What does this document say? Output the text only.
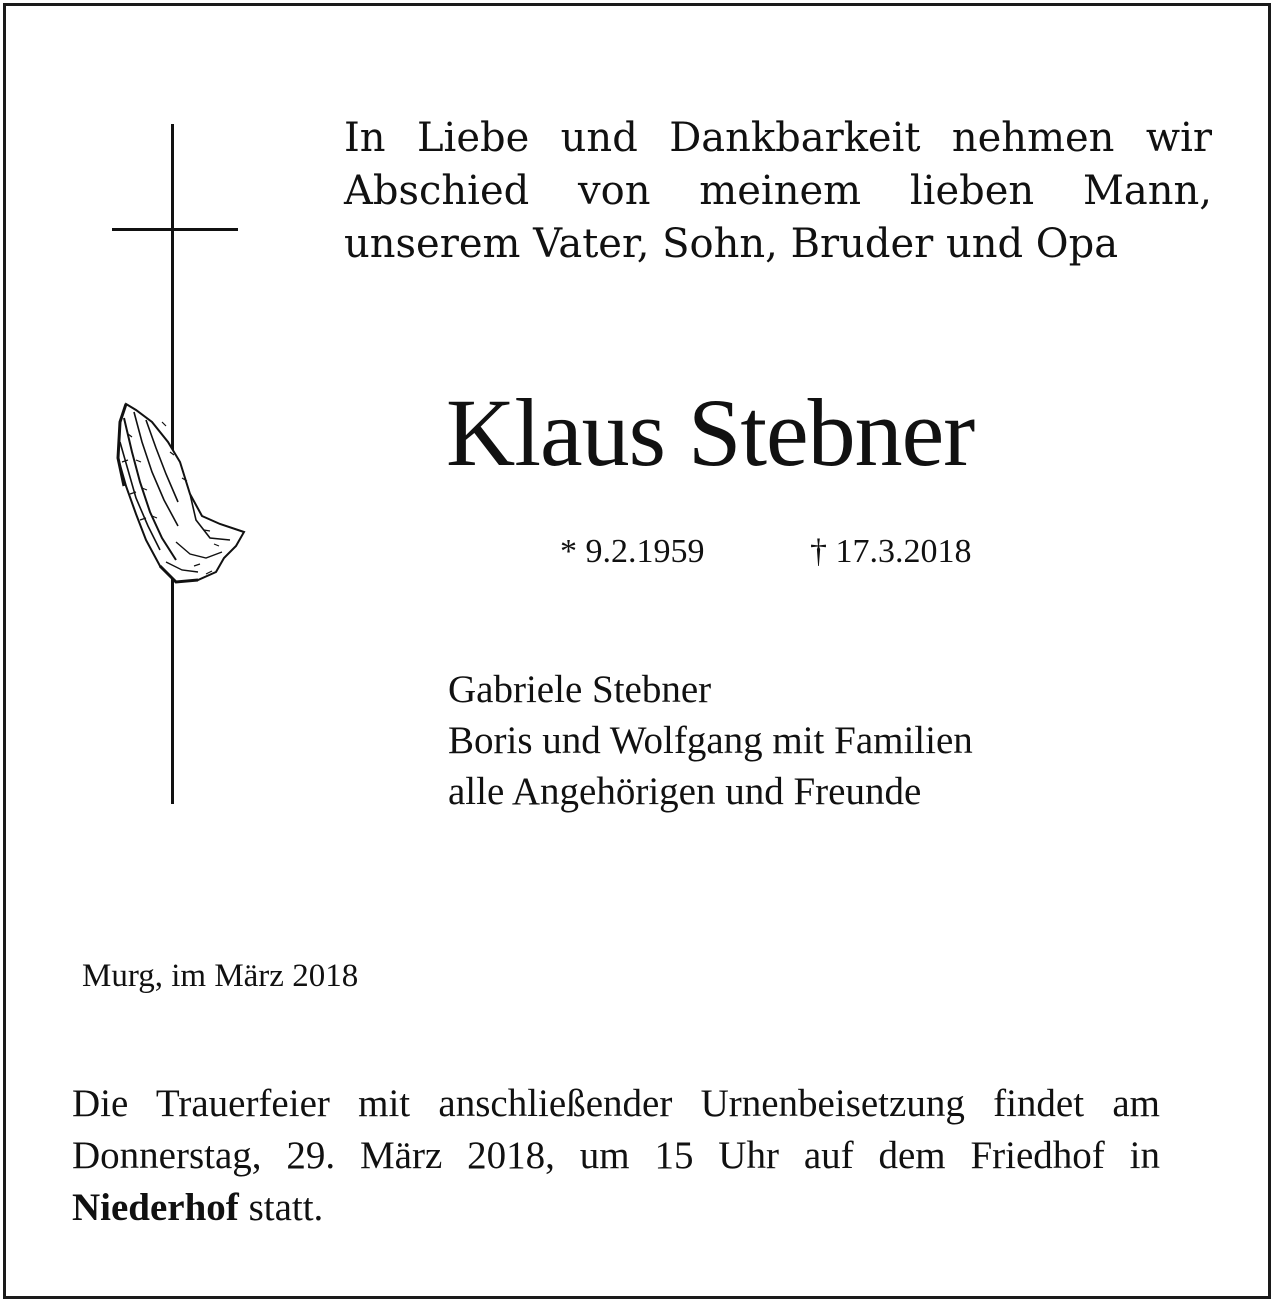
In Liebe und Dankbarkeit nehmen wir Abschied von meinem lieben Mann, unserem Vater, Sohn, Bruder und Opa
Klaus Stebner
* 9.2.1959	† 17.3.2018
Gabriele Stebner
Boris und Wolfgang mit Familien
alle Angehörigen und Freunde
Murg, im März 2018
Die Trauerfeier mit anschließender Urnenbeisetzung findet am Donnerstag, 29. März 2018, um 15 Uhr auf dem Friedhof in Niederhof statt.
